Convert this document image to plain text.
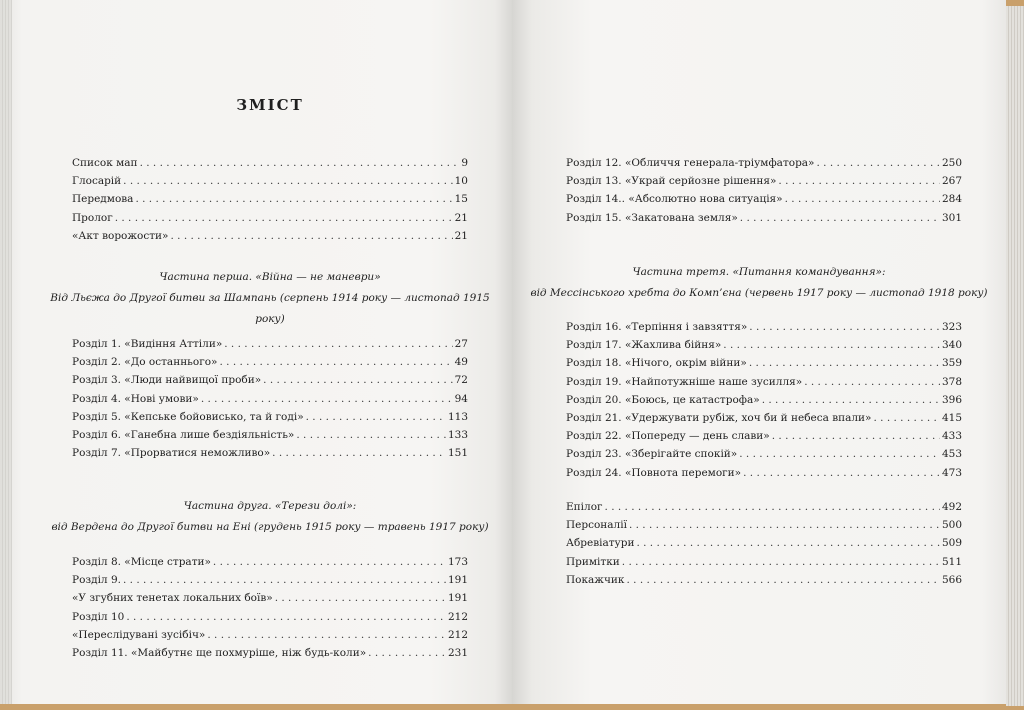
ЗМІСТ
Список мап . . .	9
Глосарій . . .	10
Передмова . . .	15
Пролог . . .	21
«Акт ворожости» . . .	21
Частина перша. «Війна — не маневри»
Від Льєжа до Другої битви за Шампань (серпень 1914 року — листопад 1915 року)
Розділ 1. «Видіння Аттіли» . . .	27
Розділ 2. «До останнього» . . .	49
Розділ 3. «Люди найвищої проби» . . .	72
Розділ 4. «Нові умови» . . .	94
Розділ 5. «Кепське бойовисько, та й годі» . . .	113
Розділ 6. «Ганебна лише бездіяльність» . . .	133
Розділ 7. «Прорватися неможливо» . . .	151
Частина друга. «Терези долі»:
від Вердена до Другої битви на Ені (грудень 1915 року — травень 1917 року)
Розділ 8. «Місце страти» . . .	173
Розділ 9. . . .	191
«У згубних тенетах локальних боїв» . . .	191
Розділ 10 . . .	212
«Переслідувані зусібіч» . . .	212
Розділ 11. «Майбутнє ще похмуріше, ніж будь-коли» . . .	231
Розділ 12. «Обличчя генерала-тріумфатора» . . .	250
Розділ 13. «Украй серйозне рішення» . . .	267
Розділ 14.. «Абсолютно нова ситуація» . . .	284
Розділ 15. «Закатована земля» . . .	301
Частина третя. «Питання командування»:
від Мессінського хребта до Комп’єна (червень 1917 року — листопад 1918 року)
Розділ 16. «Терпіння і завзяття» . . .	323
Розділ 17. «Жахлива бійня» . . .	340
Розділ 18. «Нічого, окрім війни» . . .	359
Розділ 19. «Найпотужніше наше зусилля» . . .	378
Розділ 20. «Боюсь, це катастрофа» . . .	396
Розділ 21. «Удержувати рубіж, хоч би й небеса впали» . . .	415
Розділ 22. «Попереду — день слави» . . .	433
Розділ 23. «Зберігайте спокій» . . .	453
Розділ 24. «Повнота перемоги» . . .	473
Епілог . . .	492
Персоналії . . .	500
Абревіатури . . .	509
Примітки . . .	511
Покажчик . . .	566
